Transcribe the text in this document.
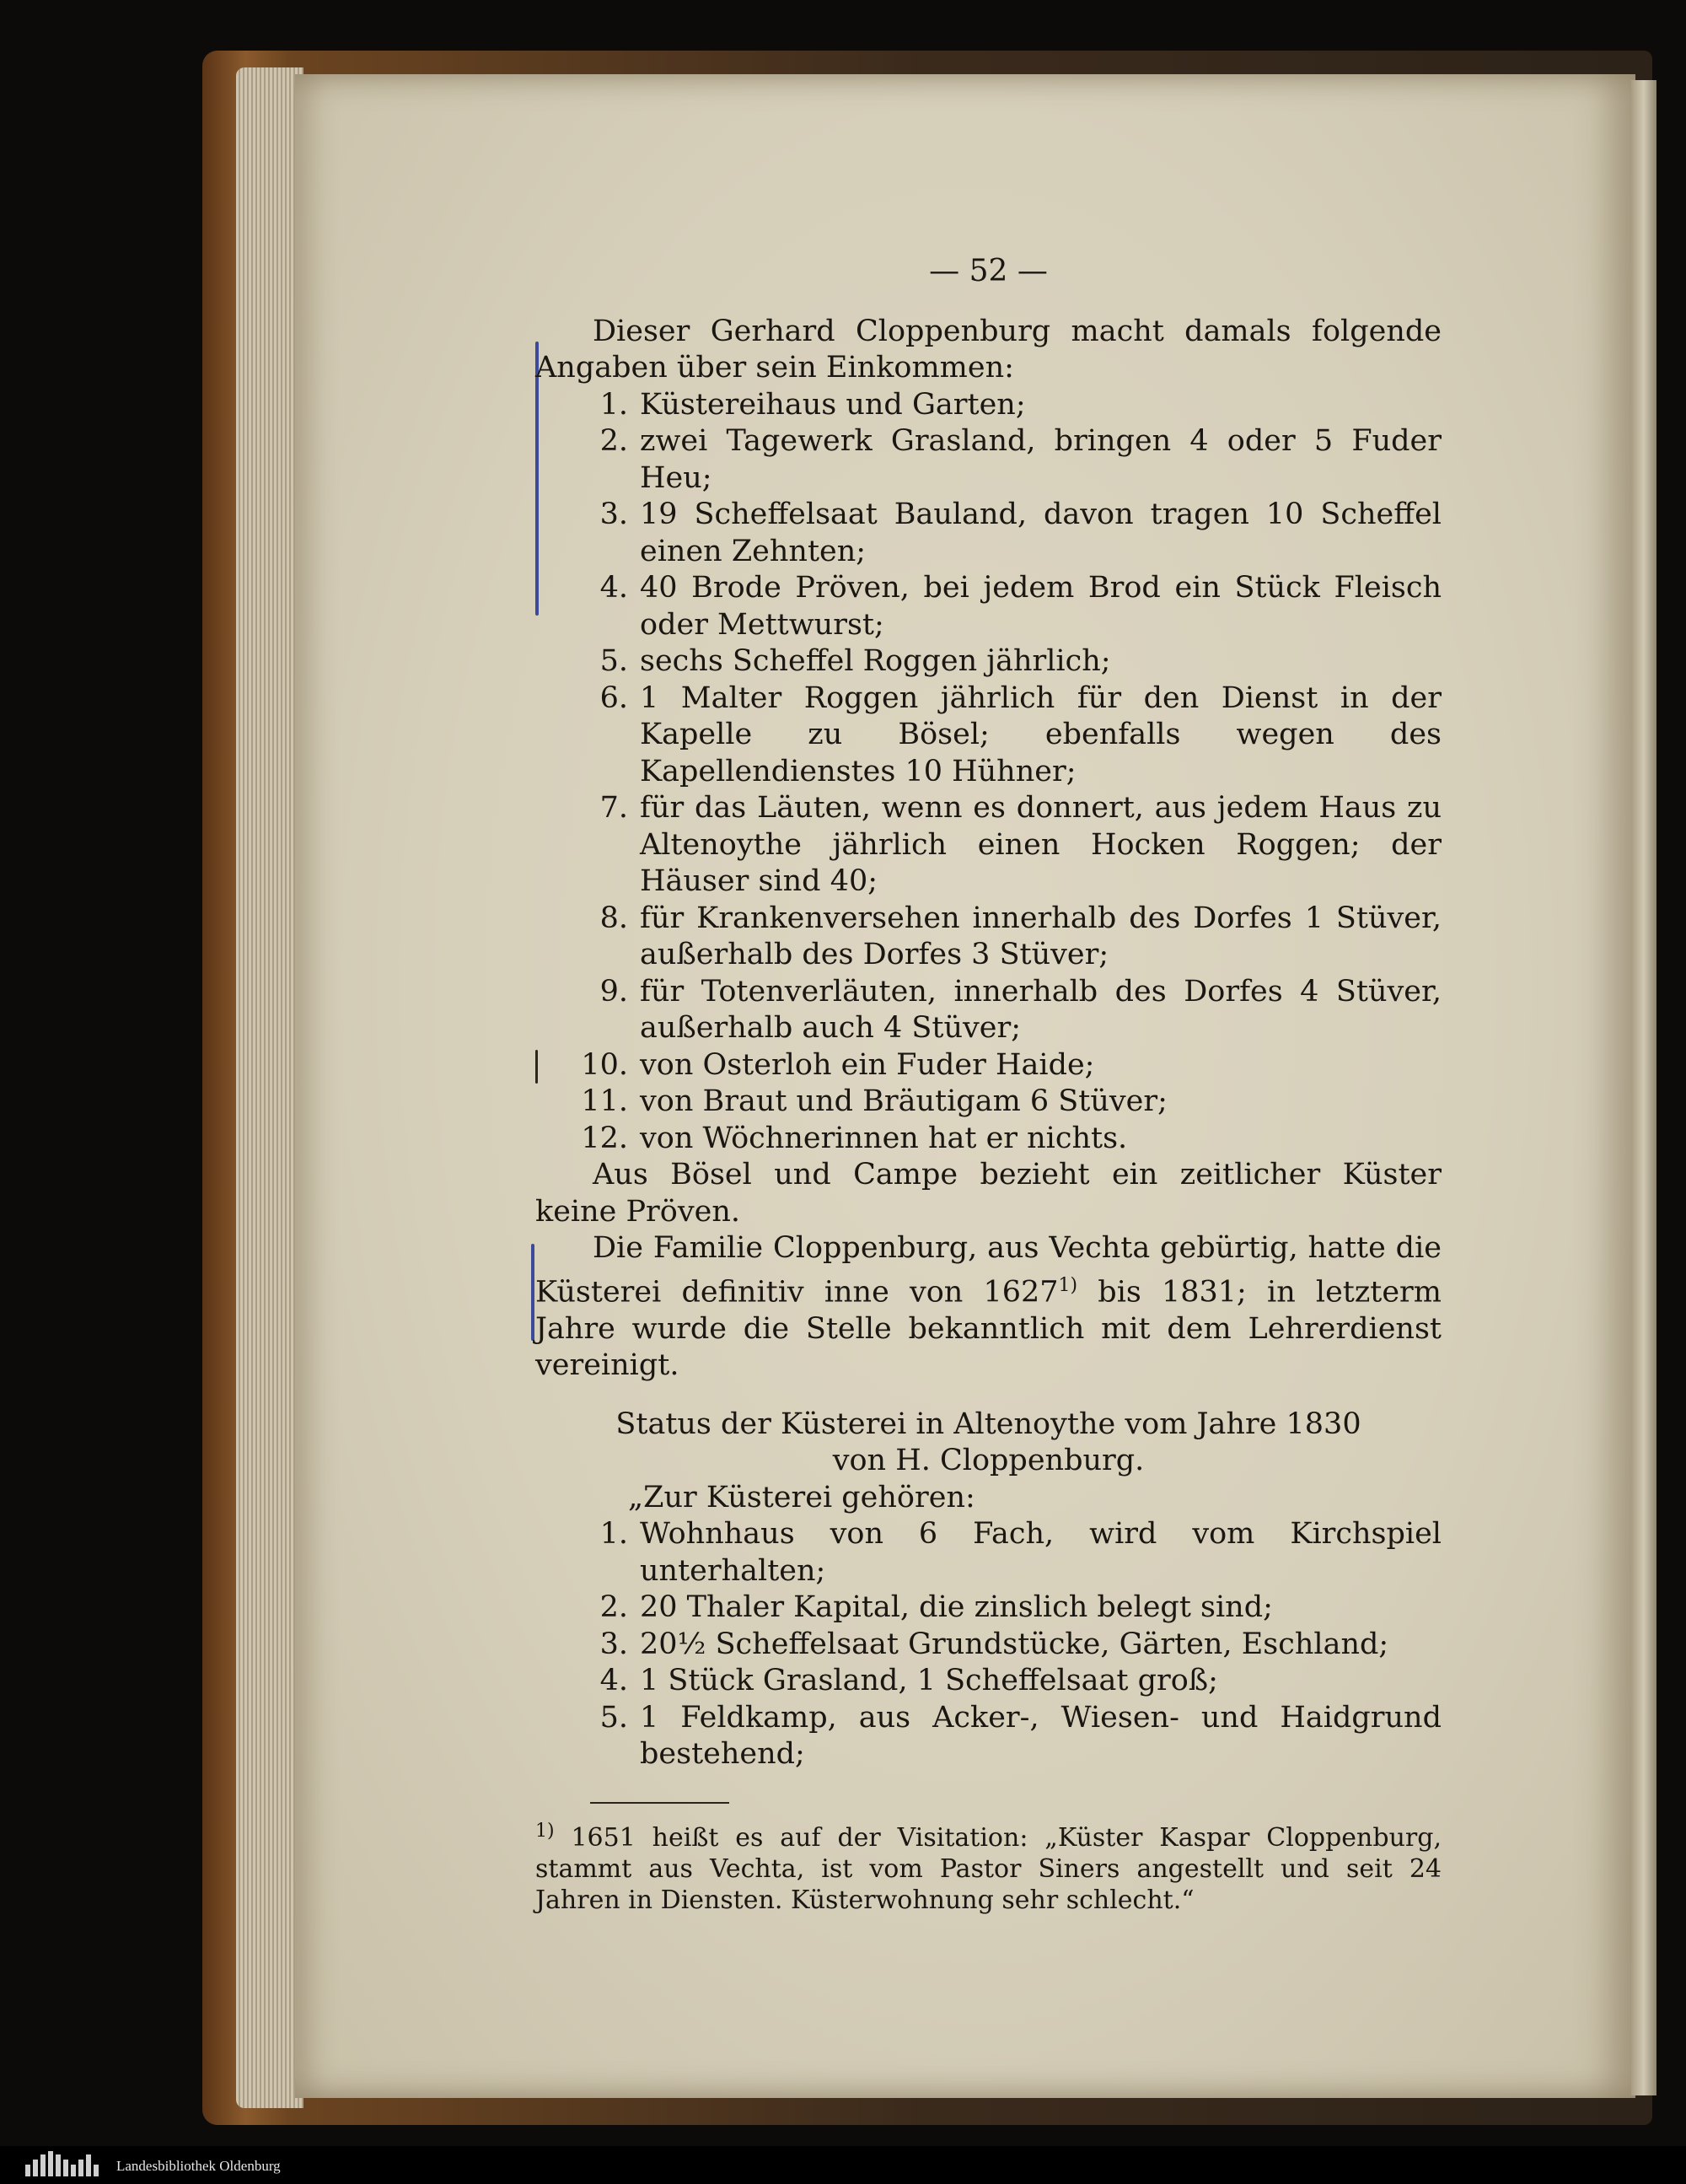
— 52 —
Dieser Gerhard Cloppenburg macht damals folgende Angaben über sein Einkommen:
1. Küstereihaus und Garten;
2. zwei Tagewerk Grasland, bringen 4 oder 5 Fuder Heu;
3. 19 Scheffelsaat Bauland, davon tragen 10 Scheffel einen Zehnten;
4. 40 Brode Pröven, bei jedem Brod ein Stück Fleisch oder Mettwurst;
5. sechs Scheffel Roggen jährlich;
6. 1 Malter Roggen jährlich für den Dienst in der Kapelle zu Bösel; ebenfalls wegen des Kapellendienstes 10 Hühner;
7. für das Läuten, wenn es donnert, aus jedem Haus zu Altenoythe jährlich einen Hocken Roggen; der Häuser sind 40;
8. für Krankenversehen innerhalb des Dorfes 1 Stüver, außerhalb des Dorfes 3 Stüver;
9. für Totenverläuten, innerhalb des Dorfes 4 Stüver, außerhalb auch 4 Stüver;
10. von Osterloh ein Fuder Haide;
11. von Braut und Bräutigam 6 Stüver;
12. von Wöchnerinnen hat er nichts.
Aus Bösel und Campe bezieht ein zeitlicher Küster keine Pröven.
Die Familie Cloppenburg, aus Vechta gebürtig, hatte die Küsterei definitiv inne von 1627$^{1)}$ bis 1831; in letzterm Jahre wurde die Stelle bekanntlich mit dem Lehrerdienst vereinigt.
Status der Küsterei in Altenoythe vom Jahre 1830
von H. Cloppenburg.
„Zur Küsterei gehören:
1. Wohnhaus von 6 Fach, wird vom Kirchspiel unterhalten;
2. 20 Thaler Kapital, die zinslich belegt sind;
3. 20½ Scheffelsaat Grundstücke, Gärten, Eschland;
4. 1 Stück Grasland, 1 Scheffelsaat groß;
5. 1 Feldkamp, aus Acker-, Wiesen- und Haidgrund bestehend;
$^{1)}$ 1651 heißt es auf der Visitation: „Küster Kaspar Cloppenburg, stammt aus Vechta, ist vom Pastor Siners angestellt und seit 24 Jahren in Diensten. Küsterwohnung sehr schlecht.“
Landesbibliothek Oldenburg
